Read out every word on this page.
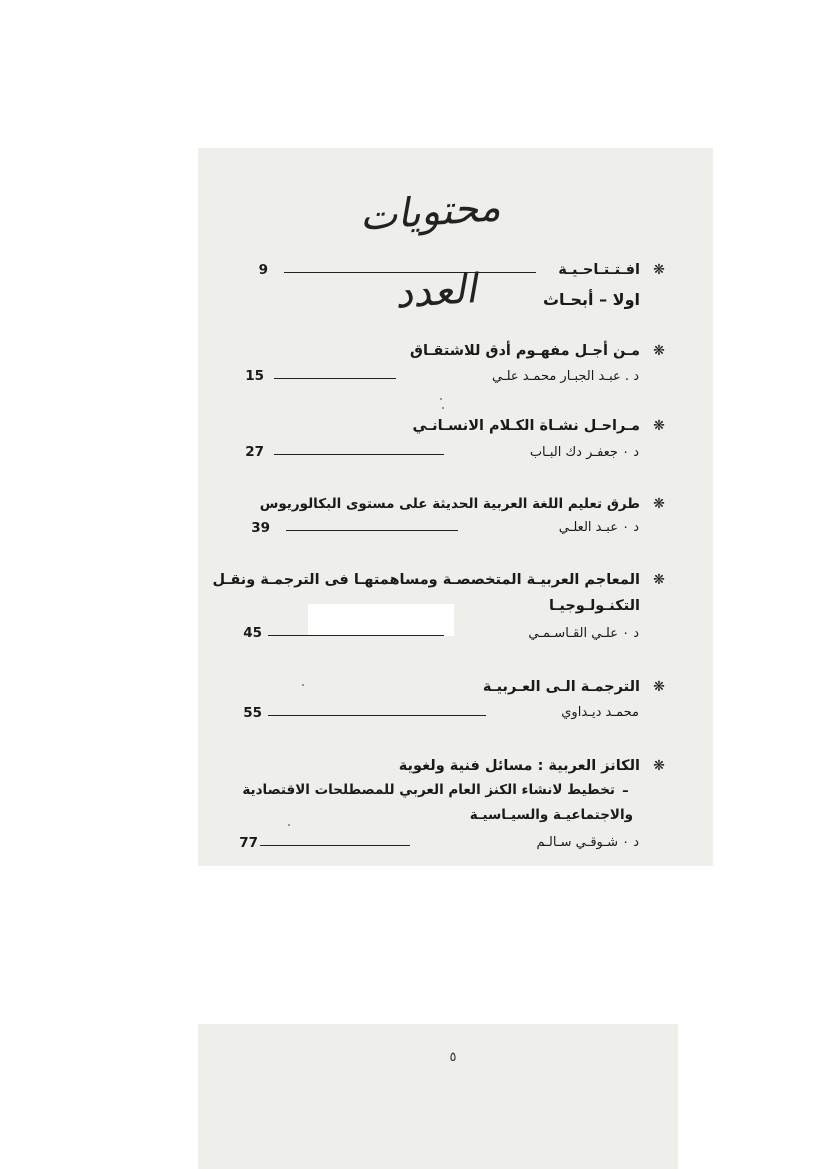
محتويات العدد	❋
افـتـتـاحـيـة
9
اولا – أبحـاث
❋
مـن أجـل مفهـوم أدق للاشتقـاق
د . عبـد الجبـار محمـد علـي
15
❋
مـراحـل نشـاة الكـلام الانسـانـي
د ٠ جعفـر دك البـاب
27
❋
طرق تعليم اللغة العربية الحديثة على مستوى البكالوريوس
د ٠ عبـد العلـي
39
❋
المعاجم العربيـة المتخصصـة ومساهمتهـا فى الترجمـة ونقـل
التكنـولـوجيـا
د ٠ علـي القـاسـمـي
45
❋
الترجمـة الـى العـربيـة
محمـد ديـداوي
55
❋
الكانز العربية : مسائل فنية ولغوية
ـ
تخطيط لانشاء الكنز العام العربي للمصطلحات الاقتصادية
والاجتماعيـة والسيـاسيـة
د ٠ شـوقـي سـالـم
77
٥
